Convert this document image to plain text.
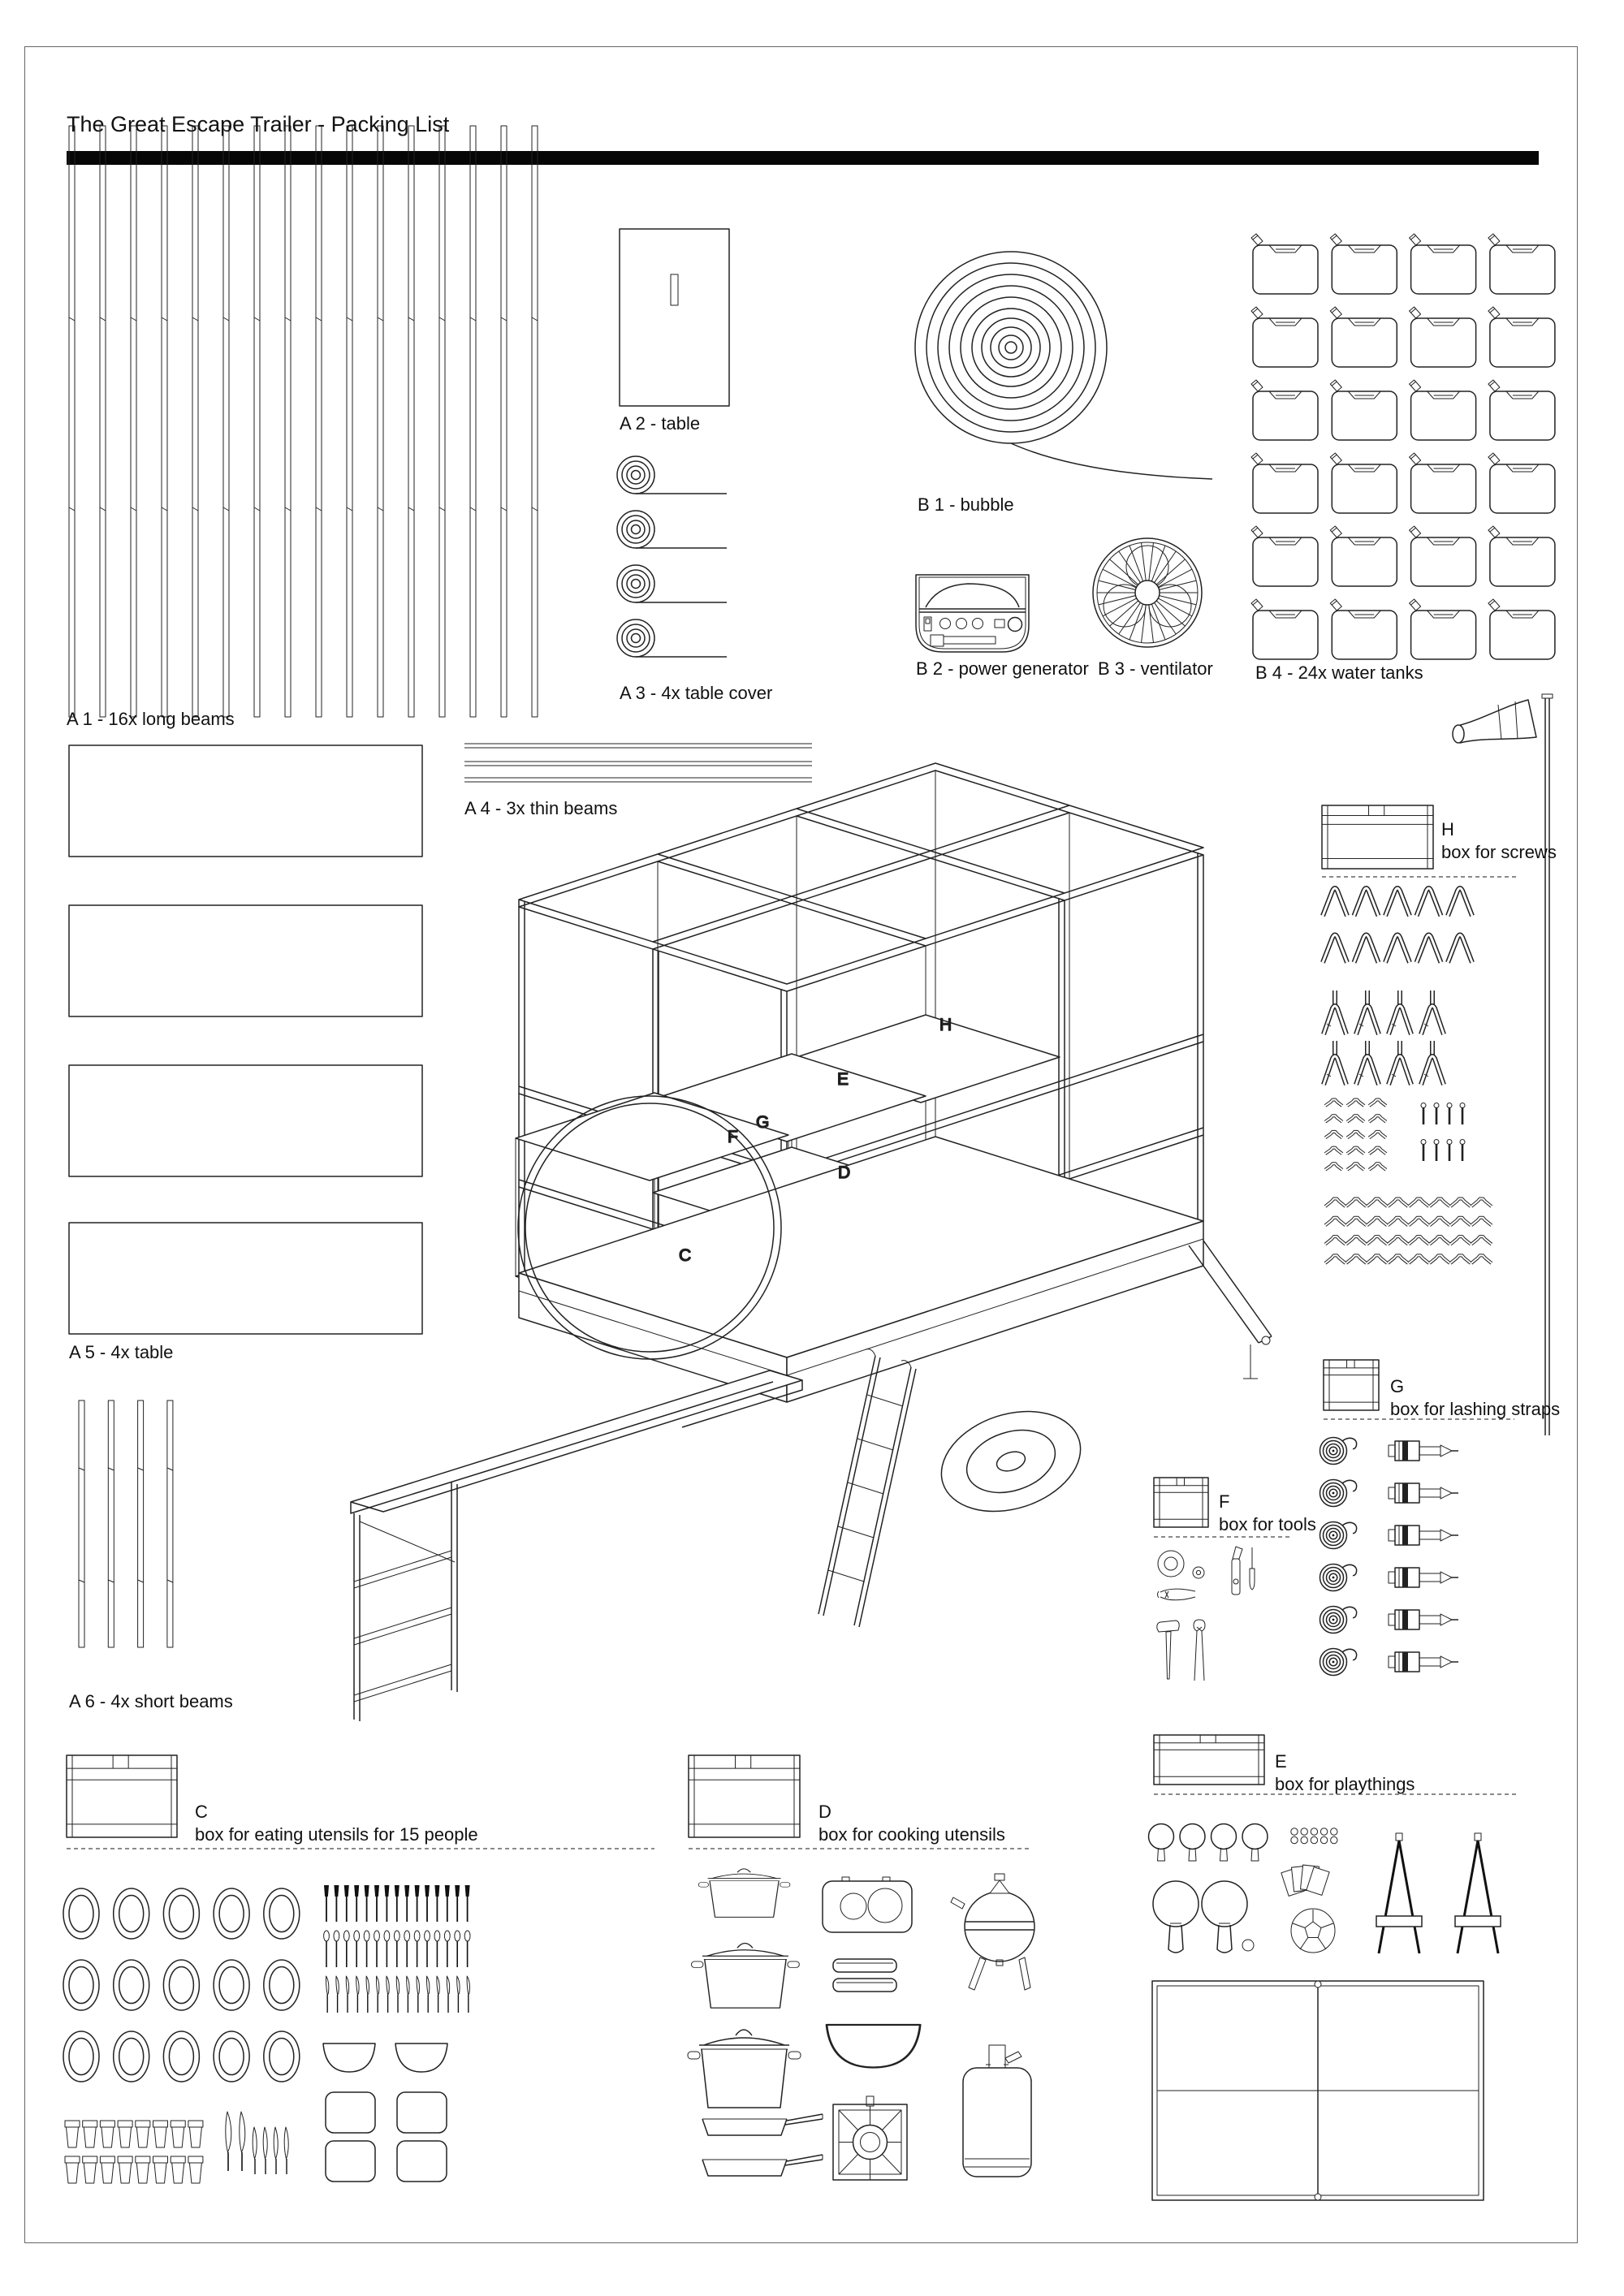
The Great Escape Trailer - Packing List
C
D
E
F
G
H
A 1 - 16x long beams
A 2 - table
A 3 - 4x table cover
A 4 - 3x thin beams
A 5 - 4x table
A 6 - 4x short beams
B 1 - bubble
B 2 - power generator B 3 - ventilator B 4 - 24x water tanks
H
box for screws
G
box for lashing straps
F
box for tools
E
box for playthings
C
box for eating utensils for 15 people
D
box for cooking utensils
